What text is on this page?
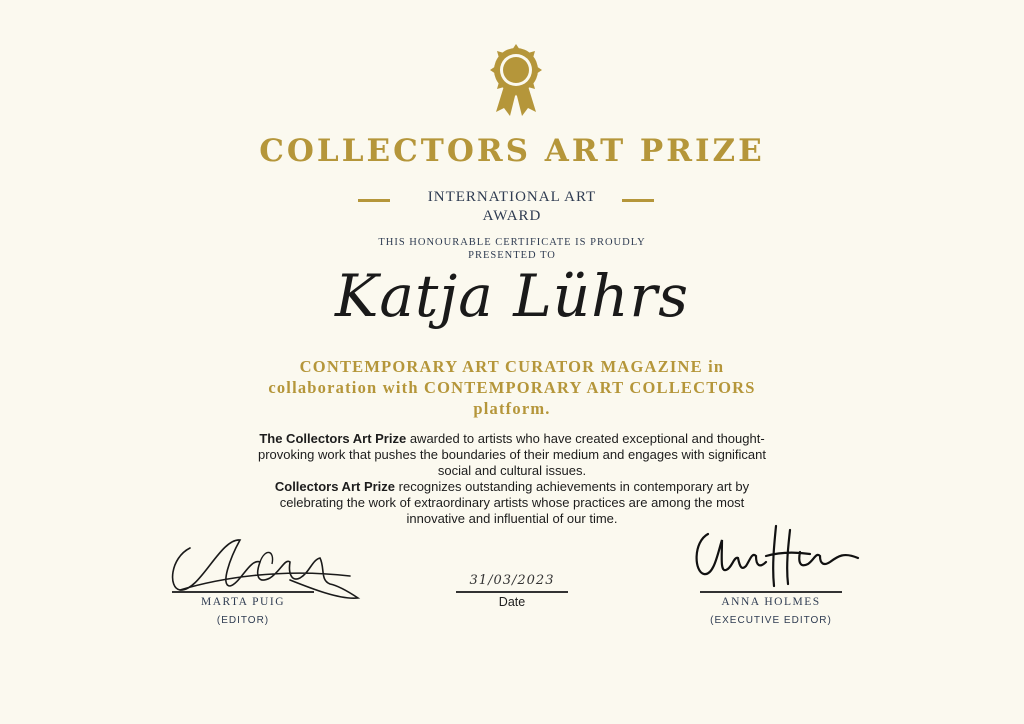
COLLECTORS ART PRIZE
INTERNATIONAL ART
AWARD
THIS HONOURABLE CERTIFICATE IS PROUDLY
PRESENTED TO
Katja Lührs
CONTEMPORARY ART CURATOR MAGAZINE in
collaboration with CONTEMPORARY ART COLLECTORS
platform.
The Collectors Art Prize awarded to artists who have created exceptional and thought-provoking work that pushes the boundaries of their medium and engages with significant social and cultural issues.
Collectors Art Prize recognizes outstanding achievements in contemporary art by celebrating the work of extraordinary artists whose practices are among the most innovative and influential of our time.
MARTA PUIG
(EDITOR)
31/03/2023
Date	ANNA HOLMES
(EXECUTIVE EDITOR)
